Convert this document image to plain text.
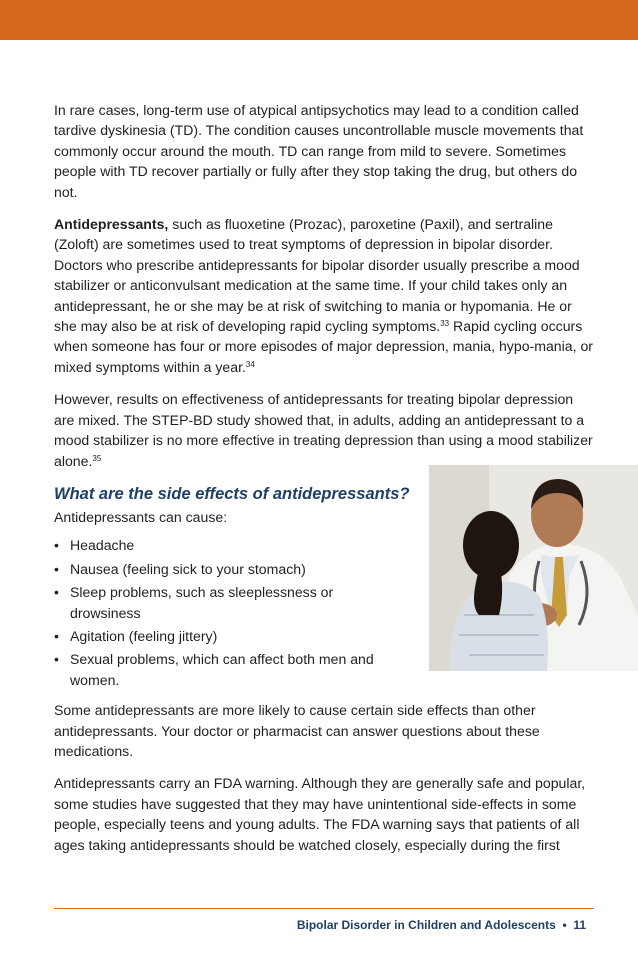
In rare cases, long-term use of atypical antipsychotics may lead to a condition called tardive dyskinesia (TD). The condition causes uncontrollable muscle movements that commonly occur around the mouth. TD can range from mild to severe. Sometimes people with TD recover partially or fully after they stop taking the drug, but others do not.

Antidepressants, such as fluoxetine (Prozac), paroxetine (Paxil), and sertraline (Zoloft) are sometimes used to treat symptoms of depression in bipolar disorder. Doctors who prescribe antidepressants for bipolar disorder usually prescribe a mood stabilizer or anticonvulsant medication at the same time. If your child takes only an antidepressant, he or she may be at risk of switching to mania or hypomania. He or she may also be at risk of developing rapid cycling symptoms.$^{33}$ Rapid cycling occurs when someone has four or more episodes of major depression, mania, hypo-mania, or mixed symptoms within a year.$^{34}$

However, results on effectiveness of antidepressants for treating bipolar depression are mixed. The STEP-BD study showed that, in adults, adding an antidepressant to a mood stabilizer is no more effective in treating depression than using a mood stabilizer alone.$^{35}$

What are the side effects of antidepressants?
Antidepressants can cause:
• Headache
• Nausea (feeling sick to your stomach)
• Sleep problems, such as sleeplessness or drowsiness
• Agitation (feeling jittery)
• Sexual problems, which can affect both men and women.

Some antidepressants are more likely to cause certain side effects than other antidepressants. Your doctor or pharmacist can answer questions about these medications.

Antidepressants carry an FDA warning. Although they are generally safe and popular, some studies have suggested that they may have unintentional side-effects in some people, especially teens and young adults. The FDA warning says that patients of all ages taking antidepressants should be watched closely, especially during the first

Bipolar Disorder in Children and Adolescents • 11
